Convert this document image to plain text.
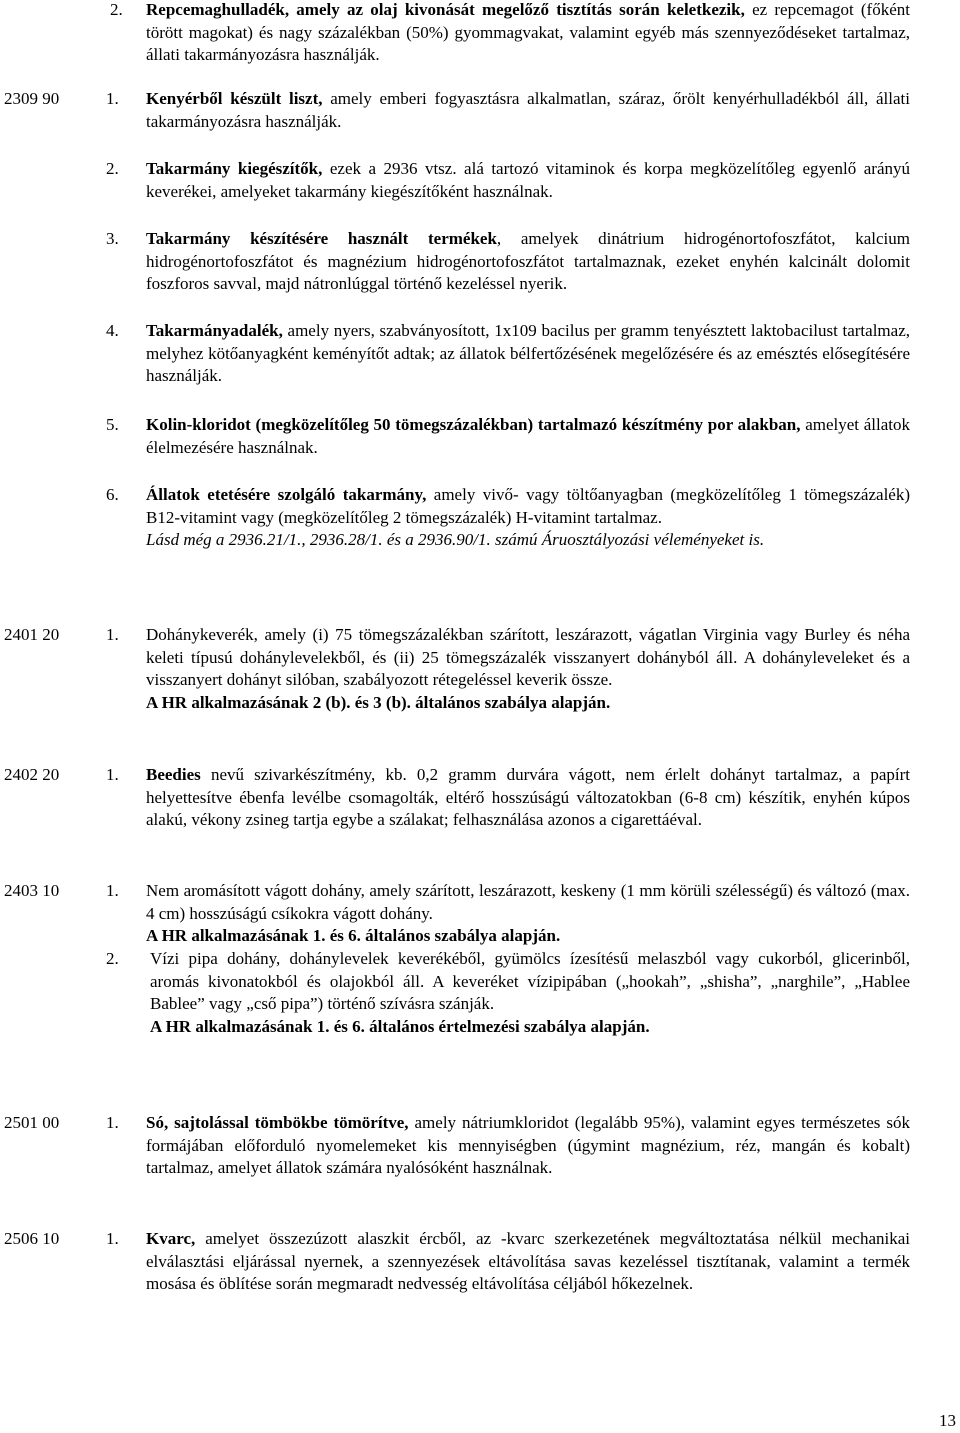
2. Repcemaghulladék, amely az olaj kivonását megelőző tisztítás során keletkezik, ez repcemagot (főként törött magokat) és nagy százalékban (50%) gyommagvakat, valamint egyéb más szennyeződéseket tartalmaz, állati takarmányozásra használják.

2309 90	1. Kenyérből készült liszt, amely emberi fogyasztásra alkalmatlan, száraz, őrölt kenyérhulladékból áll, állati takarmányozásra használják.

2. Takarmány kiegészítők, ezek a 2936 vtsz. alá tartozó vitaminok és korpa megközelítőleg egyenlő arányú keverékei, amelyeket takarmány kiegészítőként használnak.

3. Takarmány készítésére használt termékek, amelyek dinátrium hidrogénortofoszfátot, kalcium hidrogénortofoszfátot és magnézium hidrogénortofoszfátot tartalmaznak, ezeket enyhén kalcinált dolomit foszforos savval, majd nátronlúggal történő kezeléssel nyerik.

4. Takarmányadalék, amely nyers, szabványosított, 1x109 bacilus per gramm tenyésztett laktobacilust tartalmaz, melyhez kötőanyagként keményítőt adtak; az állatok bélfertőzésének megelőzésére és az emésztés elősegítésére használják.

5. Kolin-kloridot (megközelítőleg 50 tömegszázalékban) tartalmazó készítmény por alakban, amelyet állatok élelmezésére használnak.

6. Állatok etetésére szolgáló takarmány, amely vivő- vagy töltőanyagban (megközelítőleg 1 tömegszázalék) B12-vitamint vagy (megközelítőleg 2 tömegszázalék) H-vitamint tartalmaz.

Lásd még a 2936.21/1., 2936.28/1. és a 2936.90/1. számú Áruosztályozási véleményeket is.

2401 20	1. Dohánykeverék, amely (i) 75 tömegszázalékban szárított, leszárazott, vágatlan Virginia vagy Burley és néha keleti típusú dohánylevelekből, és (ii) 25 tömegszázalék visszanyert dohányból áll. A dohányleveleket és a visszanyert dohányt silóban, szabályozott rétegeléssel keverik össze.

A HR alkalmazásának 2 (b). és 3 (b). általános szabálya alapján.

2402 20	1. Beedies nevű szivarkészítmény, kb. 0,2 gramm durvára vágott, nem érlelt dohányt tartalmaz, a papírt helyettesítve ébenfa levélbe csomagolták, eltérő hosszúságú változatokban (6-8 cm) készítik, enyhén kúpos alakú, vékony zsineg tartja egybe a szálakat; felhasználása azonos a cigarettáéval.

2403 10	1. Nem aromásított vágott dohány, amely szárított, leszárazott, keskeny (1 mm körüli szélességű) és változó (max. 4 cm) hosszúságú csíkokra vágott dohány.

A HR alkalmazásának 1. és 6. általános szabálya alapján.

2. Vízi pipa dohány, dohánylevelek keverékéből, gyümölcs ízesítésű melaszból vagy cukorból, glicerinből, aromás kivonatokból és olajokból áll. A keveréket vízipipában („hookah”, „shisha”, „narghile”, „Hablee Bablee” vagy „cső pipa”) történő szívásra szánják.

A HR alkalmazásának 1. és 6. általános értelmezési szabálya alapján.

2501 00	1. Só, sajtolással tömbökbe tömörítve, amely nátriumkloridot (legalább 95%), valamint egyes természetes sók formájában előforduló nyomelemeket kis mennyiségben (úgymint magnézium, réz, mangán és kobalt) tartalmaz, amelyet állatok számára nyalósóként használnak.

2506 10	1. Kvarc, amelyet összezúzott alaszkit ércből, az -kvarc szerkezetének megváltoztatása nélkül mechanikai elválasztási eljárással nyernek, a szennyezések eltávolítása savas kezeléssel tisztítanak, valamint a termék mosása és öblítése során megmaradt nedvesség eltávolítása céljából hőkezelnek.

13
